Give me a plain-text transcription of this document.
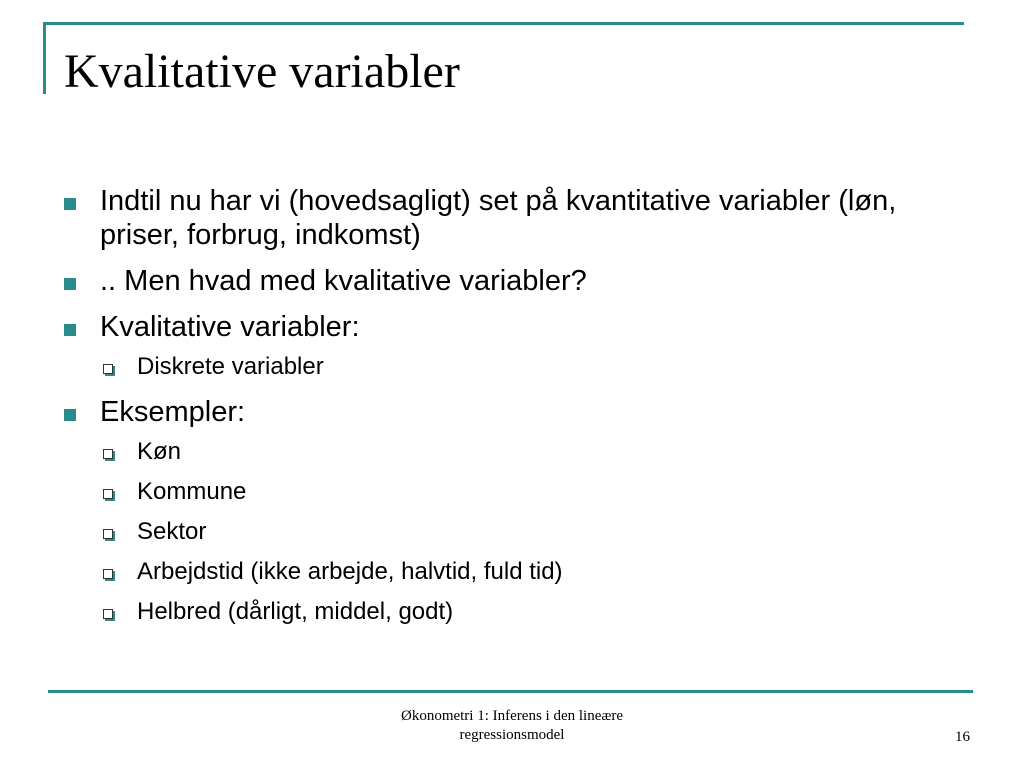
Kvalitative variabler
Indtil nu har vi (hovedsagligt) set på kvantitative variabler (løn, priser, forbrug, indkomst)
.. Men hvad med kvalitative variabler?
Kvalitative variabler:
Diskrete variabler
Eksempler:
Køn
Kommune
Sektor
Arbejdstid (ikke arbejde, halvtid, fuld tid)
Helbred (dårligt, middel, godt)
Økonometri 1: Inferens i den lineære
regressionsmodel	16
